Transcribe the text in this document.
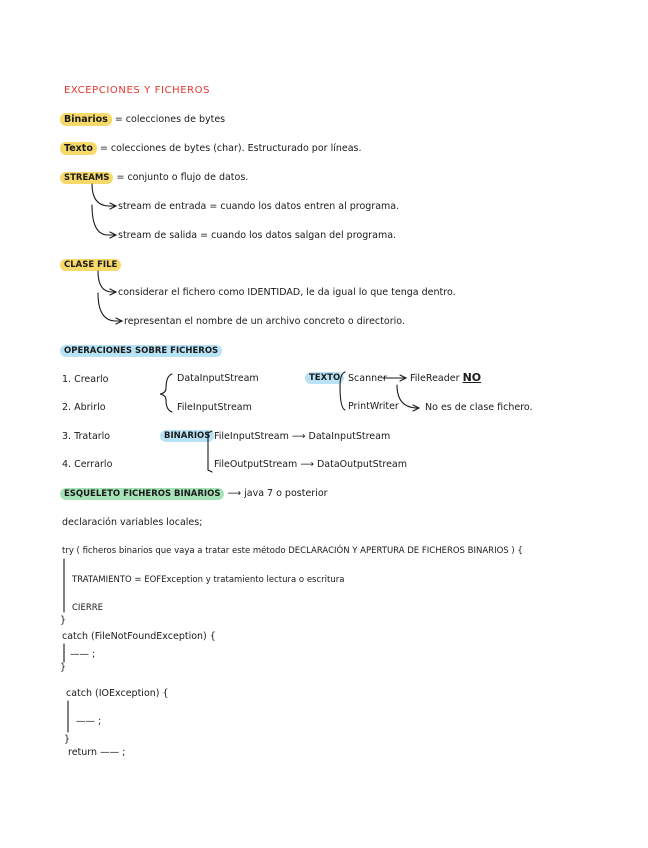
EXCEPCIONES Y FICHEROS
Binarios = colecciones de bytes
Texto = colecciones de bytes (char). Estructurado por líneas.
STREAMS = conjunto o flujo de datos.
stream de entrada = cuando los datos entren al programa.
stream de salida = cuando los datos salgan del programa.
CLASE FILE
considerar el fichero como IDENTIDAD, le da igual lo que tenga dentro.
representan el nombre de un archivo concreto o directorio.
OPERACIONES SOBRE FICHEROS
1. Crearlo
2. Abrirlo
3. Tratarlo
4. Cerrarlo
DataInputStream
FileInputStream
TEXTO Scanner
PrintWriter
FileReader NO
No es de clase fichero.
BINARIOS FileInputStream ⟶ DataInputStream
FileOutputStream ⟶ DataOutputStream
ESQUELETO FICHEROS BINARIOS ⟶ java 7 o posterior
declaración variables locales;
try ( ficheros binarios que vaya a tratar este método DECLARACIÓN Y APERTURA DE FICHEROS BINARIOS ) {
TRATAMIENTO = EOFException y tratamiento lectura o escritura
CIERRE
}
catch (FileNotFoundException) {
—— ;
}
catch (IOException) {
—— ;
}
return —— ;
